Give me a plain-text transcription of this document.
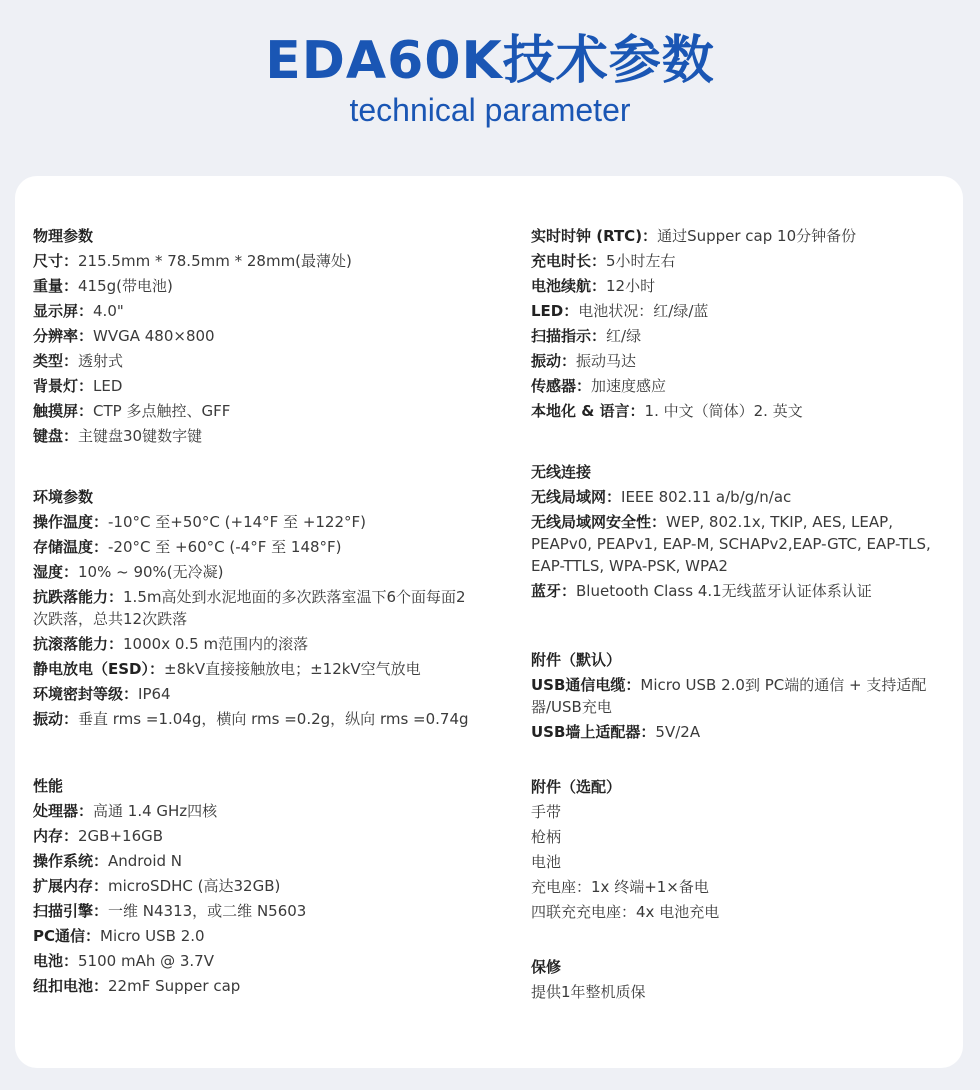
EDA60K技术参数
technical parameter
物理参数
尺寸：215.5mm * 78.5mm * 28mm(最薄处)
重量：415g(带电池)
显示屏：4.0"
分辨率：WVGA 480×800
类型：透射式
背景灯：LED
触摸屏：CTP 多点触控、GFF
键盘：主键盘30键数字键
环境参数
操作温度：-10°C 至+50°C (+14°F 至 +122°F)
存储温度：-20°C 至 +60°C (-4°F 至 148°F)
湿度：10% ~ 90%(无冷凝)
抗跌落能力：1.5m高处到水泥地面的多次跌落室温下6个面每面2次跌落，总共12次跌落
抗滚落能力：1000x 0.5 m范围内的滚落
静电放电（ESD）：±8kV直接接触放电；±12kV空气放电
环境密封等级：IP64
振动：垂直 rms =1.04g，横向 rms =0.2g，纵向 rms =0.74g
性能
处理器：高通 1.4 GHz四核
内存：2GB+16GB
操作系统：Android N
扩展内存：microSDHC (高达32GB)
扫描引擎：一维 N4313，或二维 N5603
PC通信：Micro USB 2.0
电池：5100 mAh @ 3.7V
纽扣电池：22mF Supper cap
实时时钟 (RTC)：通过Supper cap 10分钟备份
充电时长：5小时左右
电池续航：12小时
LED：电池状况：红/绿/蓝
扫描指示：红/绿
振动：振动马达
传感器：加速度感应
本地化 & 语言：1. 中文（简体）2. 英文
无线连接
无线局域网：IEEE 802.11 a/b/g/n/ac
无线局域网安全性：WEP, 802.1x, TKIP, AES, LEAP, PEAPv0, PEAPv1, EAP-M, SCHAPv2,EAP-GTC, EAP-TLS, EAP-TTLS, WPA-PSK, WPA2
蓝牙：Bluetooth Class 4.1无线蓝牙认证体系认证
附件（默认）
USB通信电缆：Micro USB 2.0到 PC端的通信 + 支持适配器/USB充电
USB墙上适配器：5V/2A
附件（选配）
手带
枪柄
电池
充电座：1x 终端+1×备电
四联充充电座：4x 电池充电
保修
提供1年整机质保
